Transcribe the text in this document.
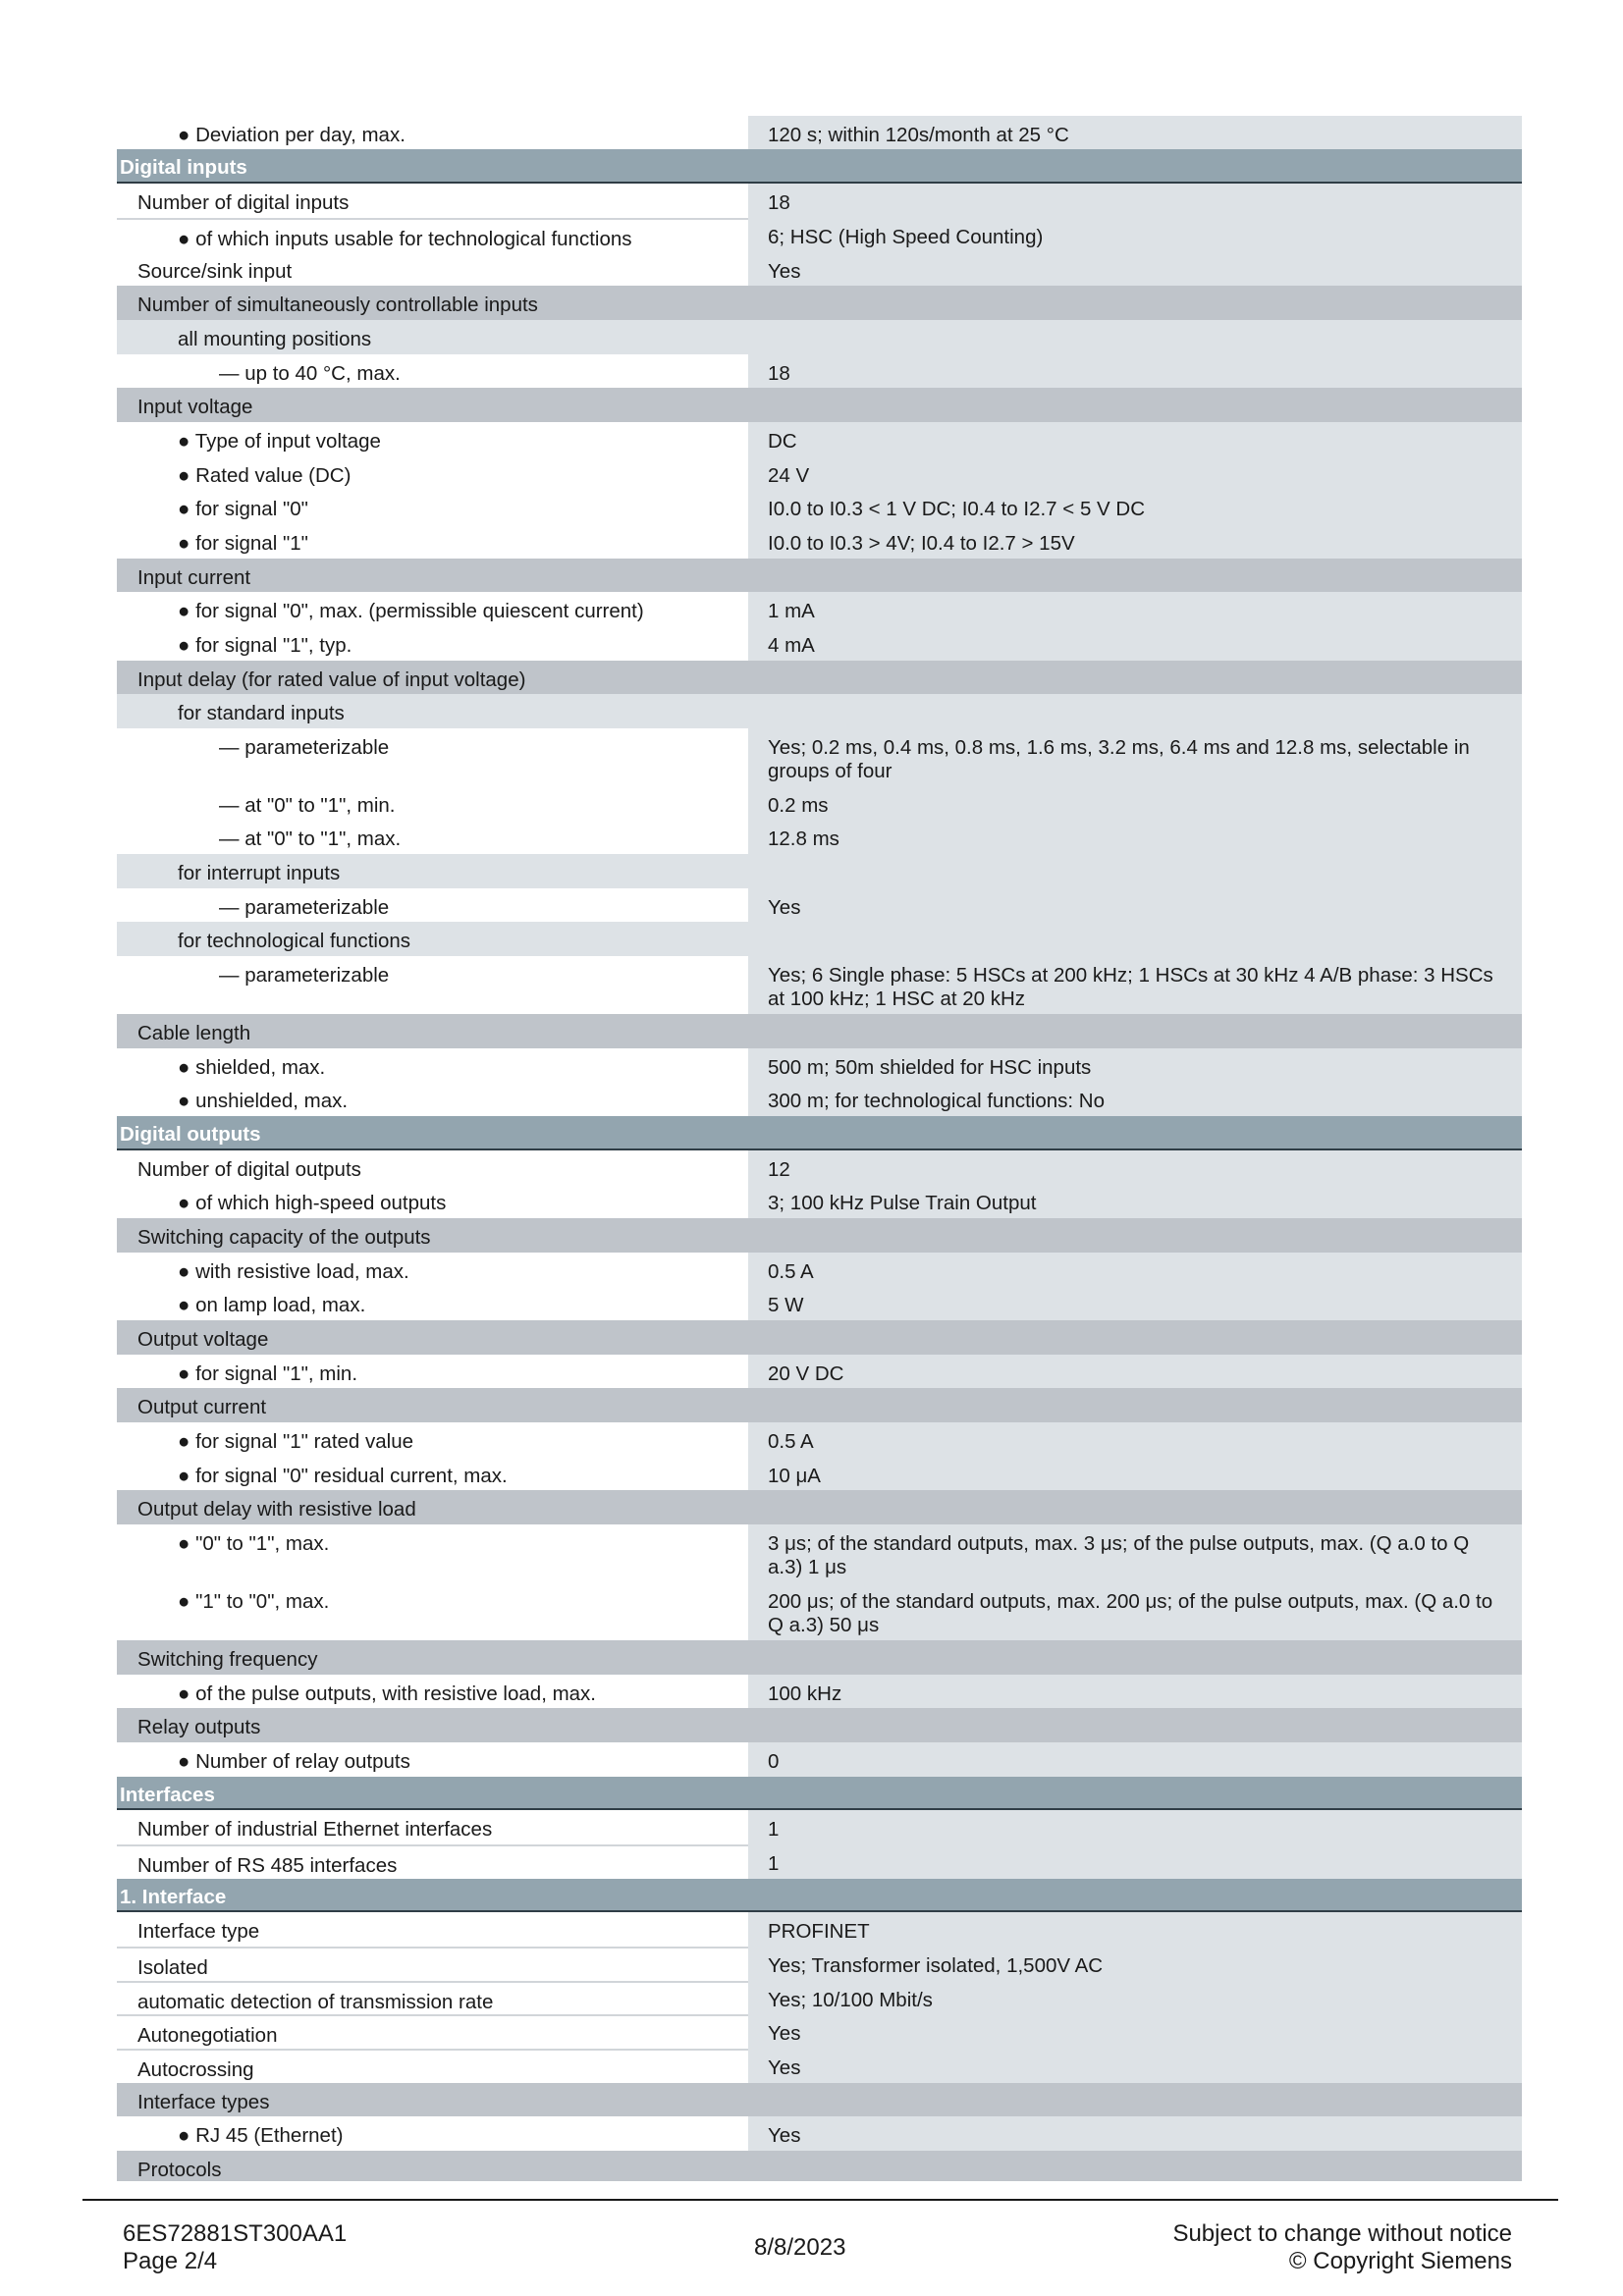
● Deviation per day, max.	120 s; within 120s/month at 25 °C
Digital inputs
Number of digital inputs	18
● of which inputs usable for technological functions	6; HSC (High Speed Counting)
Source/sink input	Yes
Number of simultaneously controllable inputs
all mounting positions
— up to 40 °C, max.	18
Input voltage
● Type of input voltage	DC
● Rated value (DC)	24 V
● for signal "0"	I0.0 to I0.3 < 1 V DC; I0.4 to I2.7 < 5 V DC
● for signal "1"	I0.0 to I0.3 > 4V; I0.4 to I2.7 > 15V
Input current
● for signal "0", max. (permissible quiescent current)	1 mA
● for signal "1", typ.	4 mA
Input delay (for rated value of input voltage)
for standard inputs
— parameterizable	Yes; 0.2 ms, 0.4 ms, 0.8 ms, 1.6 ms, 3.2 ms, 6.4 ms and 12.8 ms, selectable in groups of four
— at "0" to "1", min.	0.2 ms
— at "0" to "1", max.	12.8 ms
for interrupt inputs
— parameterizable	Yes
for technological functions
— parameterizable	Yes; 6 Single phase: 5 HSCs at 200 kHz; 1 HSCs at 30 kHz 4 A/B phase: 3 HSCs at 100 kHz; 1 HSC at 20 kHz
Cable length
● shielded, max.	500 m; 50m shielded for HSC inputs
● unshielded, max.	300 m; for technological functions: No
Digital outputs
Number of digital outputs	12
● of which high-speed outputs	3; 100 kHz Pulse Train Output
Switching capacity of the outputs
● with resistive load, max.	0.5 A
● on lamp load, max.	5 W
Output voltage
● for signal "1", min.	20 V DC
Output current
● for signal "1" rated value	0.5 A
● for signal "0" residual current, max.	10 μA
Output delay with resistive load
● "0" to "1", max.	3 μs; of the standard outputs, max. 3 μs; of the pulse outputs, max. (Q a.0 to Q a.3) 1 μs
● "1" to "0", max.	200 μs; of the standard outputs, max. 200 μs; of the pulse outputs, max. (Q a.0 to Q a.3) 50 μs
Switching frequency
● of the pulse outputs, with resistive load, max.	100 kHz
Relay outputs
● Number of relay outputs	0
Interfaces
Number of industrial Ethernet interfaces	1
Number of RS 485 interfaces	1
1. Interface
Interface type	PROFINET
Isolated	Yes; Transformer isolated, 1,500V AC
automatic detection of transmission rate	Yes; 10/100 Mbit/s
Autonegotiation	Yes
Autocrossing	Yes
Interface types
● RJ 45 (Ethernet)	Yes
Protocols
6ES72881ST300AA1
Page 2/4
8/8/2023
Subject to change without notice
© Copyright Siemens
